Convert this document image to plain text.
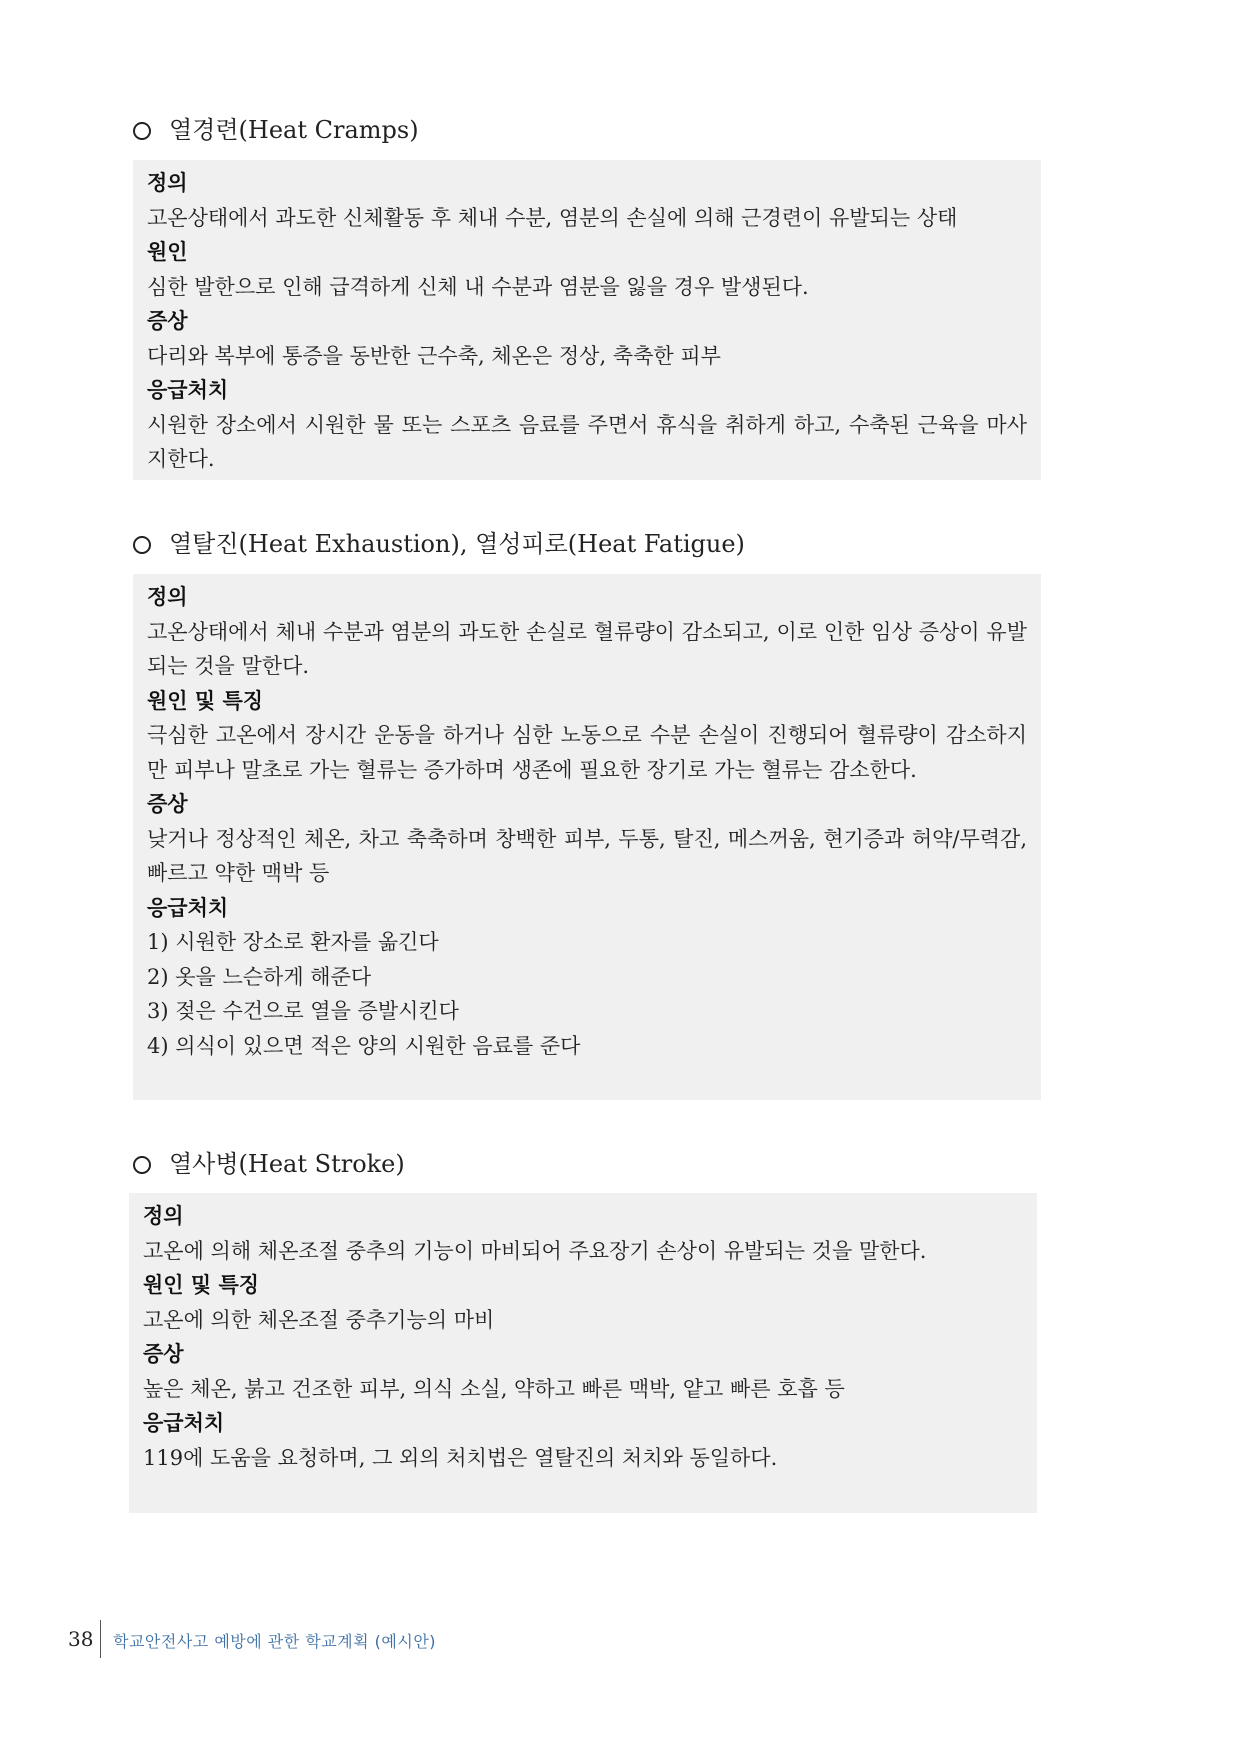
열경련(Heat Cramps)
정의
고온상태에서 과도한 신체활동 후 체내 수분, 염분의 손실에 의해 근경련이 유발되는 상태
원인
심한 발한으로 인해 급격하게 신체 내 수분과 염분을 잃을 경우 발생된다.
증상
다리와 복부에 통증을 동반한 근수축, 체온은 정상, 축축한 피부
응급처치
시원한 장소에서 시원한 물 또는 스포츠 음료를 주면서 휴식을 취하게 하고, 수축된 근육을 마사지한다.
열탈진(Heat Exhaustion), 열성피로(Heat Fatigue)
정의
고온상태에서 체내 수분과 염분의 과도한 손실로 혈류량이 감소되고, 이로 인한 임상 증상이 유발되는 것을 말한다.
원인 및 특징
극심한 고온에서 장시간 운동을 하거나 심한 노동으로 수분 손실이 진행되어 혈류량이 감소하지만 피부나 말초로 가는 혈류는 증가하며 생존에 필요한 장기로 가는 혈류는 감소한다.
증상
낮거나 정상적인 체온, 차고 축축하며 창백한 피부, 두통, 탈진, 메스꺼움, 현기증과 허약/무력감, 빠르고 약한 맥박 등
응급처치
1) 시원한 장소로 환자를 옮긴다
2) 옷을 느슨하게 해준다
3) 젖은 수건으로 열을 증발시킨다
4) 의식이 있으면 적은 양의 시원한 음료를 준다
열사병(Heat Stroke)
정의
고온에 의해 체온조절 중추의 기능이 마비되어 주요장기 손상이 유발되는 것을 말한다.
원인 및 특징
고온에 의한 체온조절 중추기능의 마비
증상
높은 체온, 붉고 건조한 피부, 의식 소실, 약하고 빠른 맥박, 얕고 빠른 호흡 등
응급처치
119에 도움을 요청하며, 그 외의 처치법은 열탈진의 처치와 동일하다.
38 학교안전사고 예방에 관한 학교계획 (예시안)
